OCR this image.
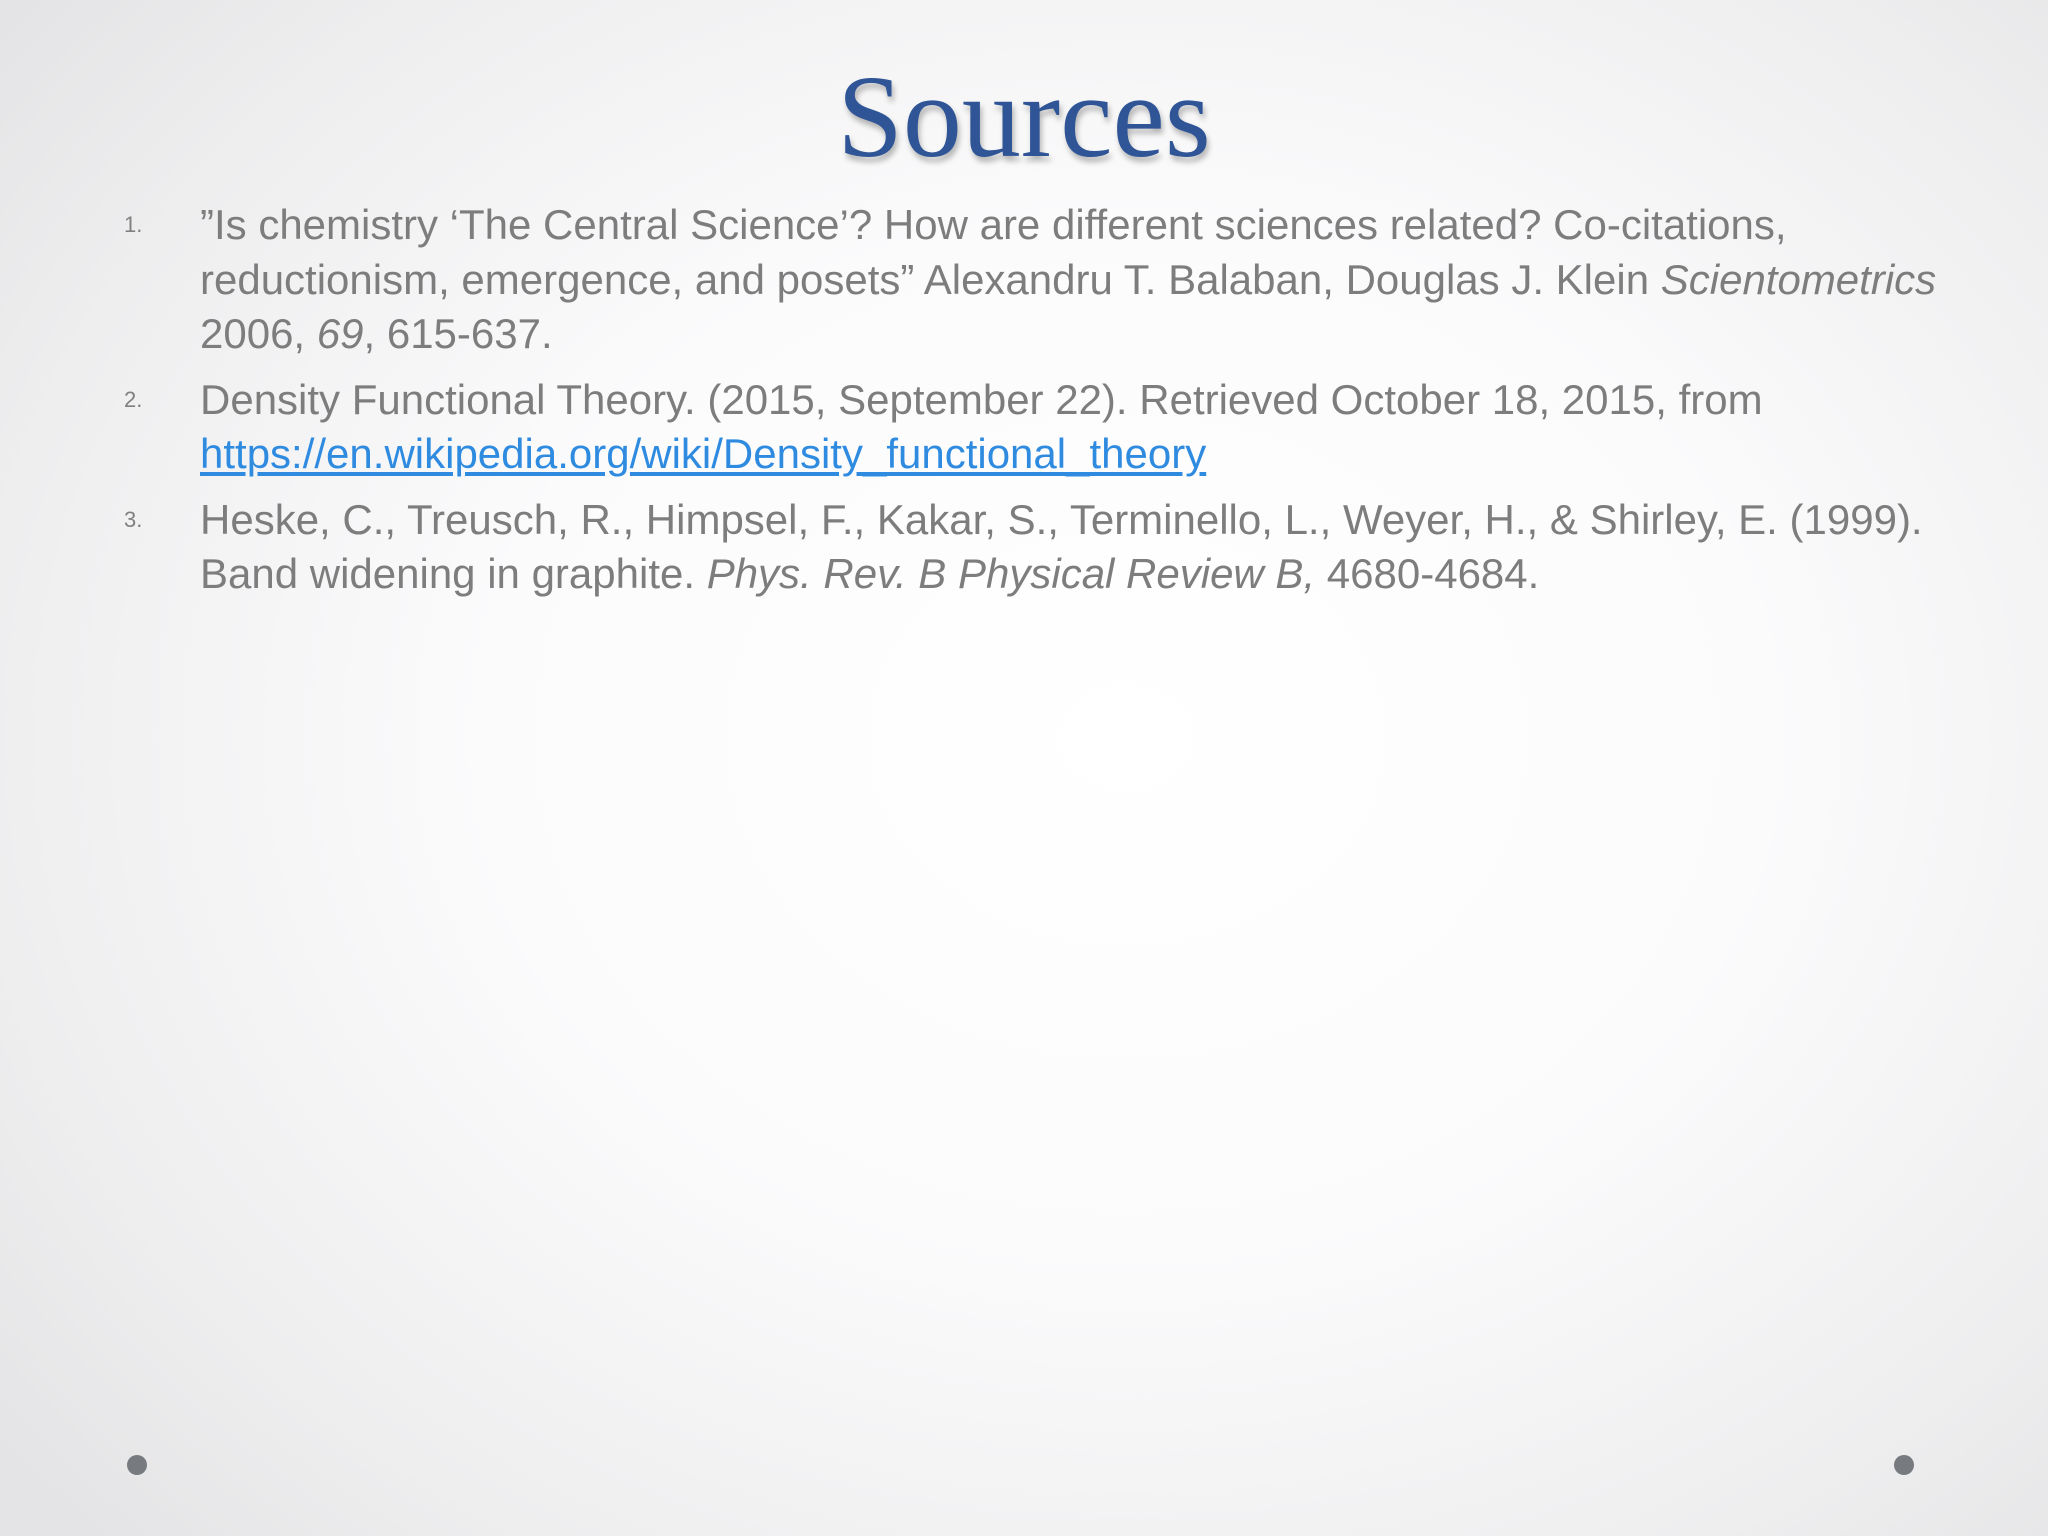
Sources
1. ”Is chemistry ‘The Central Science’? How are different sciences related? Co-citations, reductionism, emergence, and posets” Alexandru T. Balaban, Douglas J. Klein Scientometrics 2006, 69, 615-637.
2. Density Functional Theory. (2015, September 22). Retrieved October 18, 2015, from https://en.wikipedia.org/wiki/Density_functional_theory
3. Heske, C., Treusch, R., Himpsel, F., Kakar, S., Terminello, L., Weyer, H., & Shirley, E. (1999). Band widening in graphite. Phys. Rev. B Physical Review B, 4680-4684.
